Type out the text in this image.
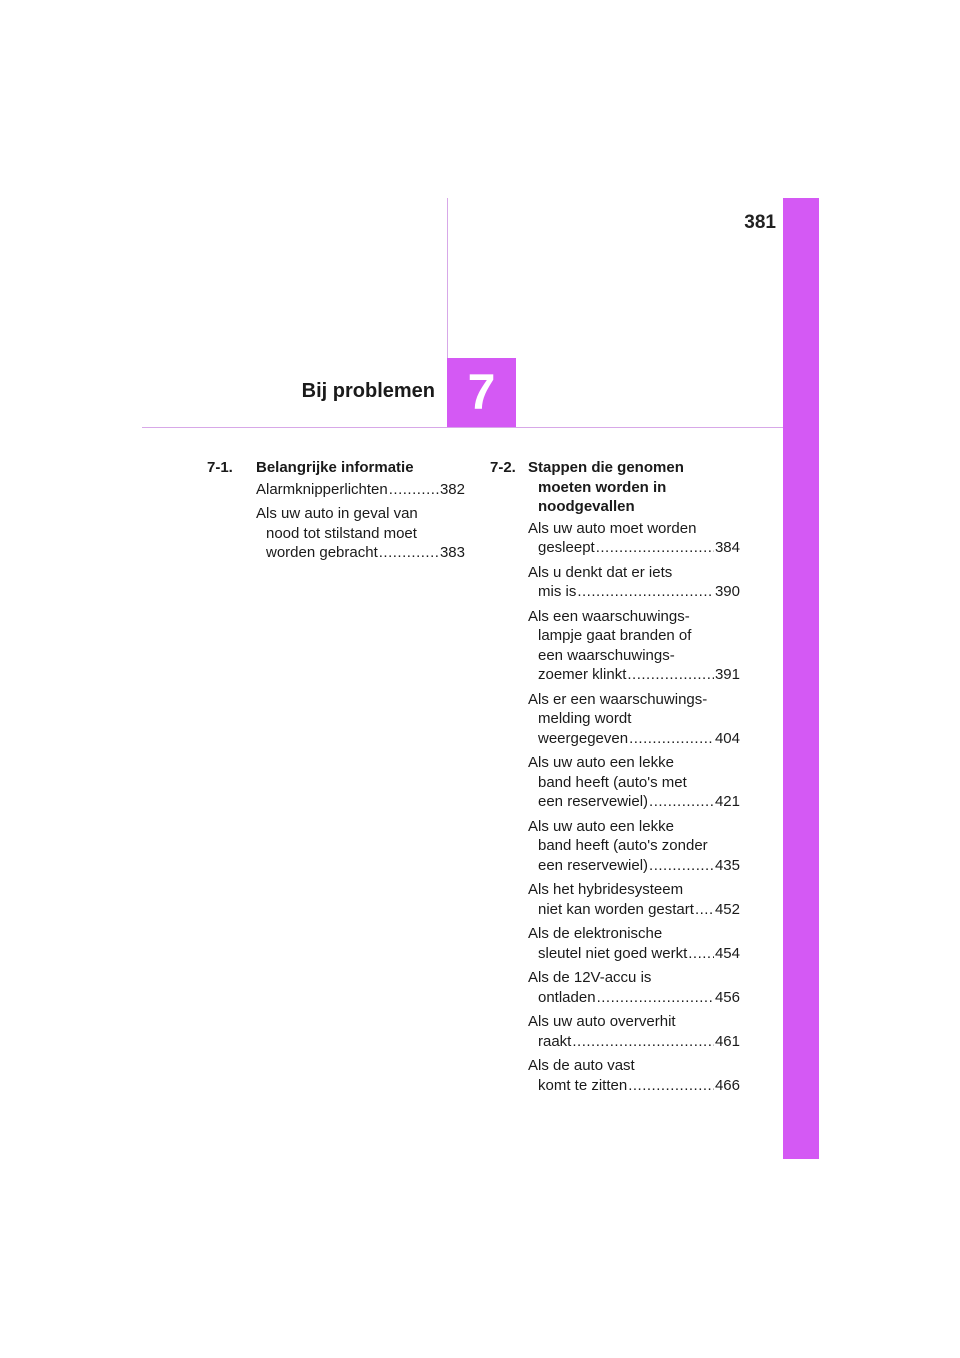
381
Bij problemen 7
7-1. Belangrijke informatie
Alarmknipperlichten .....	382
Als uw auto in geval van
nood tot stilstand moet
worden gebracht .....	383
7-2. Stappen die genomen
moeten worden in
noodgevallen
Als uw auto moet worden
gesleept .....	384
Als u denkt dat er iets
mis is .....	390
Als een waarschuwings-
lampje gaat branden of
een waarschuwings-
zoemer klinkt .....	391
Als er een waarschuwings-
melding wordt
weergegeven .....	404
Als uw auto een lekke
band heeft (auto's met
een reservewiel) .....	421
Als uw auto een lekke
band heeft (auto's zonder
een reservewiel) .....	435
Als het hybridesysteem
niet kan worden gestart ..... 452
Als de elektronische
sleutel niet goed werkt ..... 454
Als de 12V-accu is
ontladen .....	456
Als uw auto oververhit
raakt .....	461
Als de auto vast
komt te zitten .....	466
